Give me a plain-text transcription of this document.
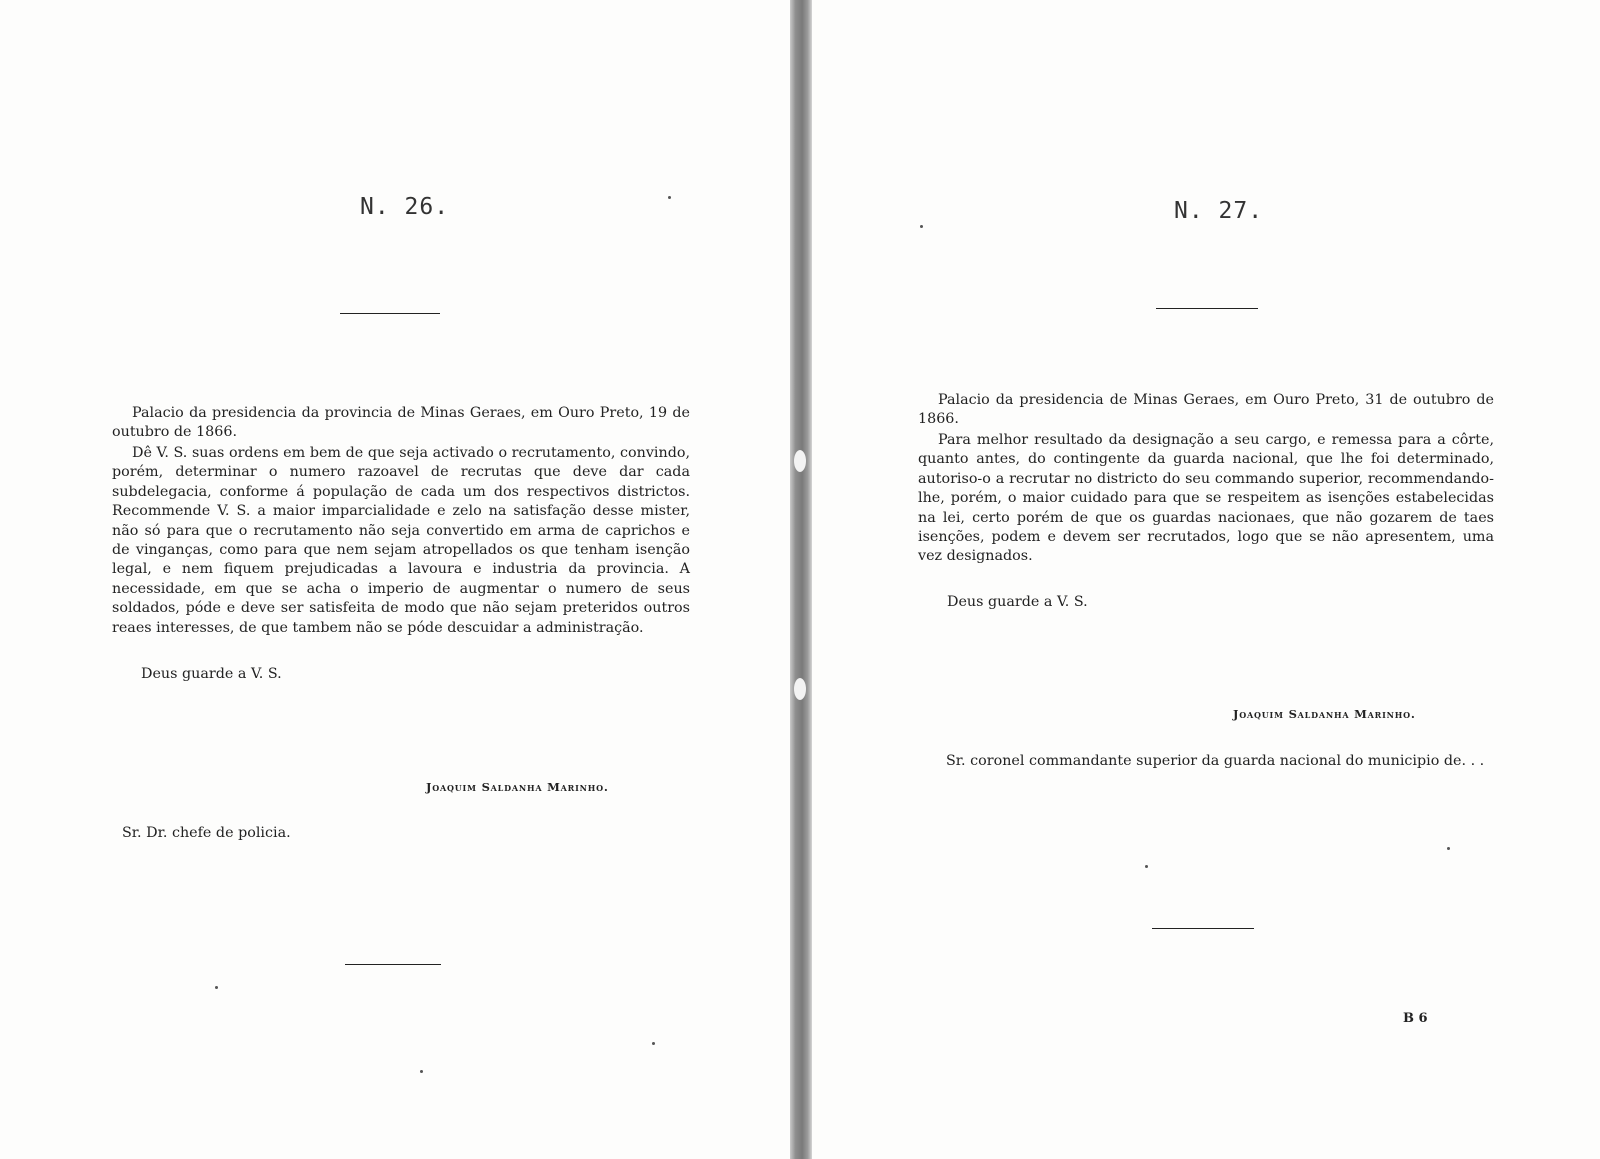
N. 26.

Palacio da presidencia da provincia de Minas Geraes, em Ouro Preto, 19 de outubro de 1866.

Dê V. S. suas ordens em bem de que seja activado o recrutamento, convindo, porém, determinar o numero razoavel de recrutas que deve dar cada subdelegacia, conforme á população de cada um dos respectivos districtos. Recommende V. S. a maior imparcialidade e zelo na satisfação desse mister, não só para que o recrutamento não seja convertido em arma de caprichos e de vinganças, como para que nem sejam atropellados os que tenham isenção legal, e nem fiquem prejudicadas a lavoura e industria da provincia. A necessidade, em que se acha o imperio de augmentar o numero de seus soldados, póde e deve ser satisfeita de modo que não sejam preteridos outros reaes interesses, de que tambem não se póde descuidar a administração.

Deus guarde a V. S.

Joaquim Saldanha Marinho.

Sr. Dr. chefe de policia.

N. 27.

Palacio da presidencia de Minas Geraes, em Ouro Preto, 31 de outubro de 1866.

Para melhor resultado da designação a seu cargo, e remessa para a côrte, quanto antes, do contingente da guarda nacional, que lhe foi determinado, autoriso-o a recrutar no districto do seu commando superior, recommendando-lhe, porém, o maior cuidado para que se respeitem as isenções estabelecidas na lei, certo porém de que os guardas nacionaes, que não gozarem de taes isenções, podem e devem ser recrutados, logo que se não apresentem, uma vez designados.

Deus guarde a V. S.

Joaquim Saldanha Marinho.

Sr. coronel commandante superior da guarda nacional do municipio de. . .

B 6
